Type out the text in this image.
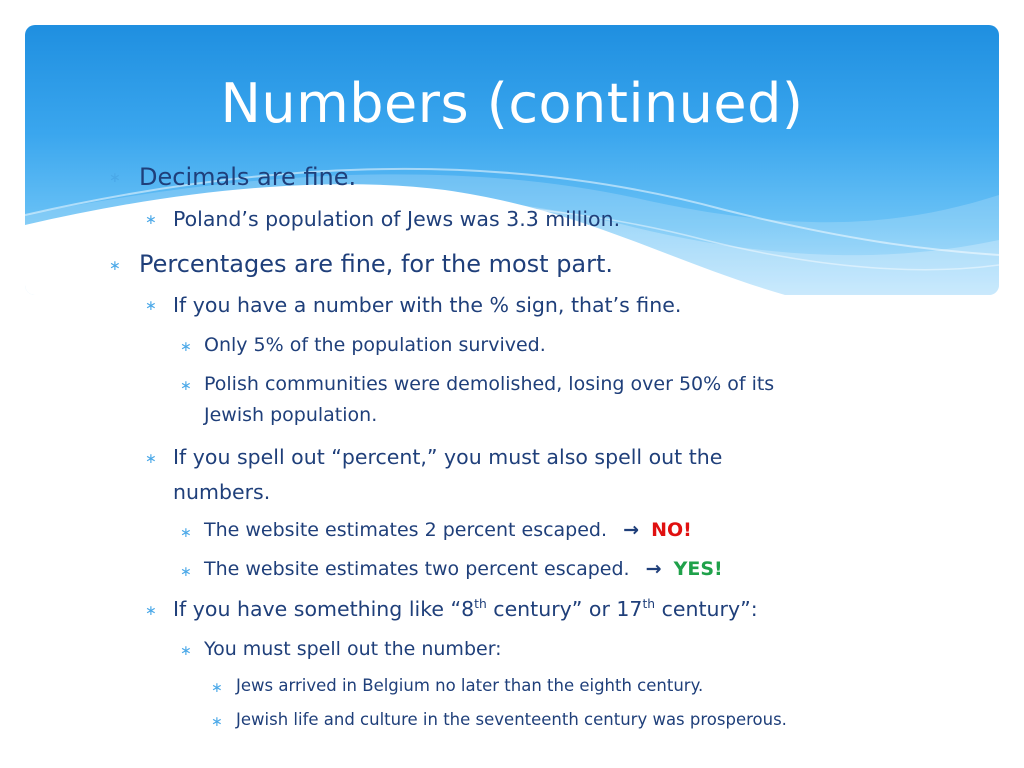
Numbers (continued)
∗ Decimals are fine.
∗ Poland’s population of Jews was 3.3 million.
∗ Percentages are fine, for the most part.
∗ If you have a number with the % sign, that’s fine.
∗ Only 5% of the population survived.
∗ Polish communities were demolished, losing over 50% of its
Jewish population.
∗ If you spell out “percent,” you must also spell out the
numbers.
∗ The website estimates 2 percent escaped. → NO!
∗ The website estimates two percent escaped. → YES!
∗ If you have something like “8th century” or 17th century”:
∗ You must spell out the number:
∗ Jews arrived in Belgium no later than the eighth century.
∗ Jewish life and culture in the seventeenth century was prosperous.
